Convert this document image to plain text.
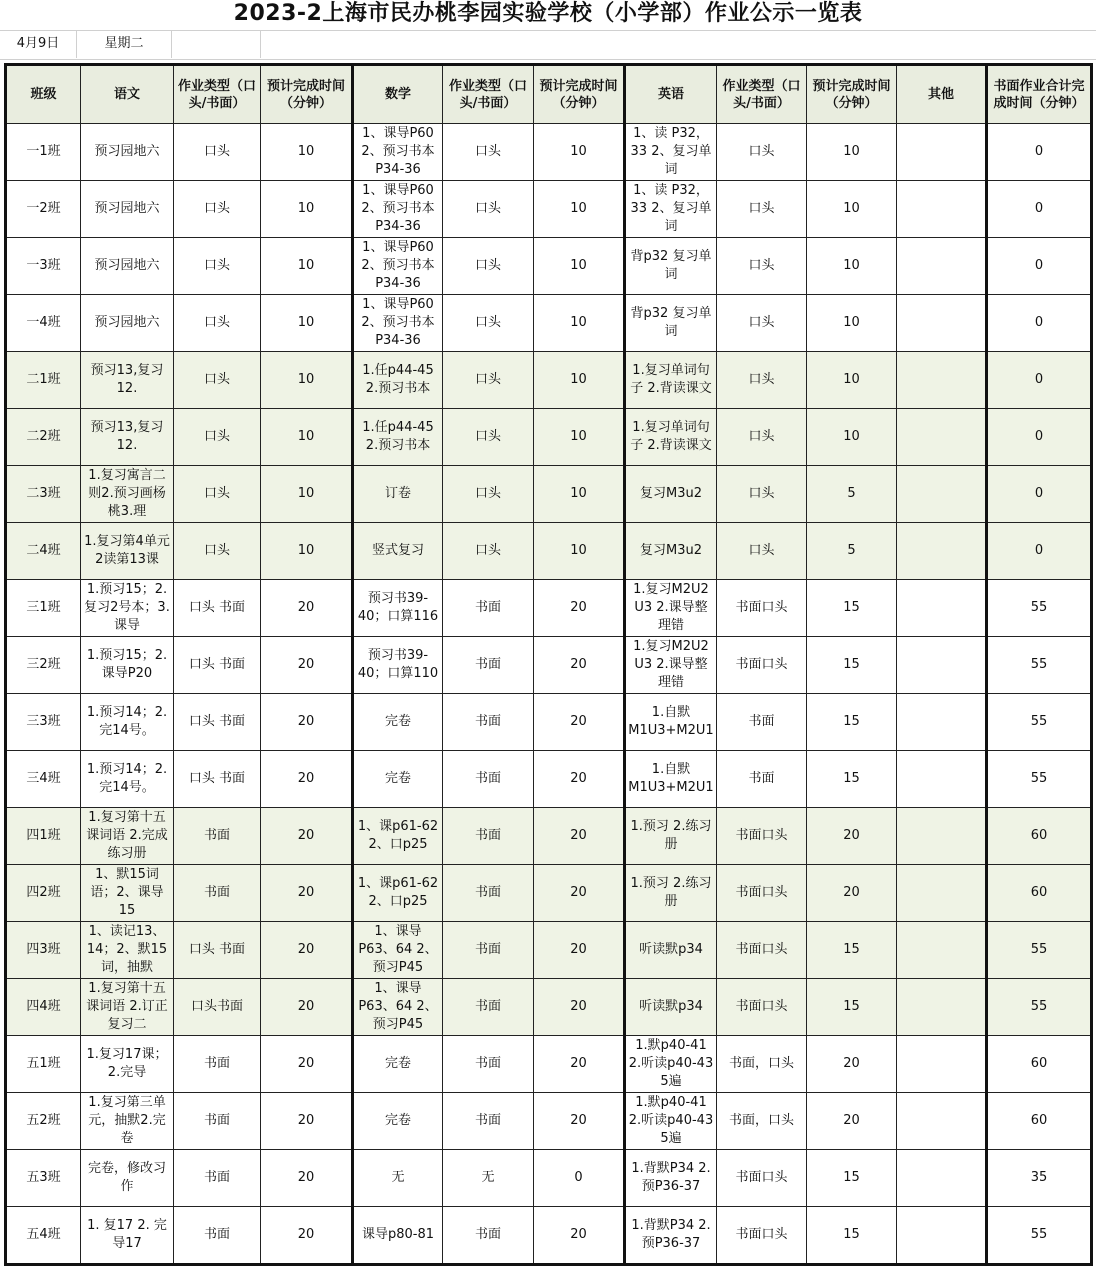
2023-2上海市民办桃李园实验学校（小学部）作业公示一览表
4月9日	星期二
班级	语文	作业类型（口头/书面）	预计完成时间（分钟）	数学	作业类型（口头/书面）	预计完成时间（分钟）	英语	作业类型（口头/书面）	预计完成时间（分钟）	其他	书面作业合计完成时间（分钟）

一1班	预习园地六	口头	10	1、课导P60 2、预习书本P34-36	口头	10	1、读 P32，33 2、复习单词	口头	10		0

一2班	预习园地六	口头	10	1、课导P60 2、预习书本P34-36	口头	10	1、读 P32，33 2、复习单词	口头	10		0

一3班	预习园地六	口头	10	1、课导P60 2、预习书本P34-36	口头	10	背p32 复习单词	口头	10		0

一4班	预习园地六	口头	10	1、课导P60 2、预习书本P34-36	口头	10	背p32 复习单词	口头	10		0

二1班	预习13,复习12.	口头	10	1.任p44-45 2.预习书本	口头	10	1.复习单词句子 2.背读课文	口头	10		0

二2班	预习13,复习12.	口头	10	1.任p44-45 2.预习书本	口头	10	1.复习单词句子 2.背读课文	口头	10		0

二3班	1.复习寓言二则2.预习画杨桃3.理	口头	10	订卷	口头	10	复习M3u2	口头	5		0

二4班	1.复习第4单元2读第13课	口头	10	竖式复习	口头	10	复习M3u2	口头	5		0

三1班	1.预习15；2.复习2号本；3.课导	口头 书面	20	预习书39-40；口算116	书面	20	1.复习M2U2 U3 2.课导整理错	书面口头	15		55

三2班	1.预习15；2.课导P20	口头 书面	20	预习书39-40；口算110	书面	20	1.复习M2U2 U3 2.课导整理错	书面口头	15		55

三3班	1.预习14；2.完14号。	口头 书面	20	完卷	书面	20	1.自默M1U3+M2U1	书面	15		55

三4班	1.预习14；2.完14号。	口头 书面	20	完卷	书面	20	1.自默M1U3+M2U1	书面	15		55

四1班	1.复习第十五课词语 2.完成练习册	书面	20	1、课p61-62 2、口p25	书面	20	1.预习 2.练习册	书面口头	20		60

四2班	1、默15词语；2、课导15	书面	20	1、课p61-62 2、口p25	书面	20	1.预习 2.练习册	书面口头	20		60

四3班	1、读记13、14；2、默15词，抽默	口头 书面	20	1、课导P63、64 2、预习P45	书面	20	听读默p34	书面口头	15		55

四4班	1.复习第十五课词语 2.订正复习二	口头书面	20	1、课导P63、64 2、预习P45	书面	20	听读默p34	书面口头	15		55

五1班	1.复习17课；2.完导	书面	20	完卷	书面	20	1.默p40-41 2.听读p40-43 5遍	书面，口头	20		60

五2班	1.复习第三单元，抽默2.完卷	书面	20	完卷	书面	20	1.默p40-41 2.听读p40-43 5遍	书面，口头	20		60

五3班	完卷，修改习作	书面	20	无	无	0	1.背默P34 2.预P36-37	书面口头	15		35

五4班	1. 复17 2. 完导17	书面	20	课导p80-81	书面	20	1.背默P34 2.预P36-37	书面口头	15		55
